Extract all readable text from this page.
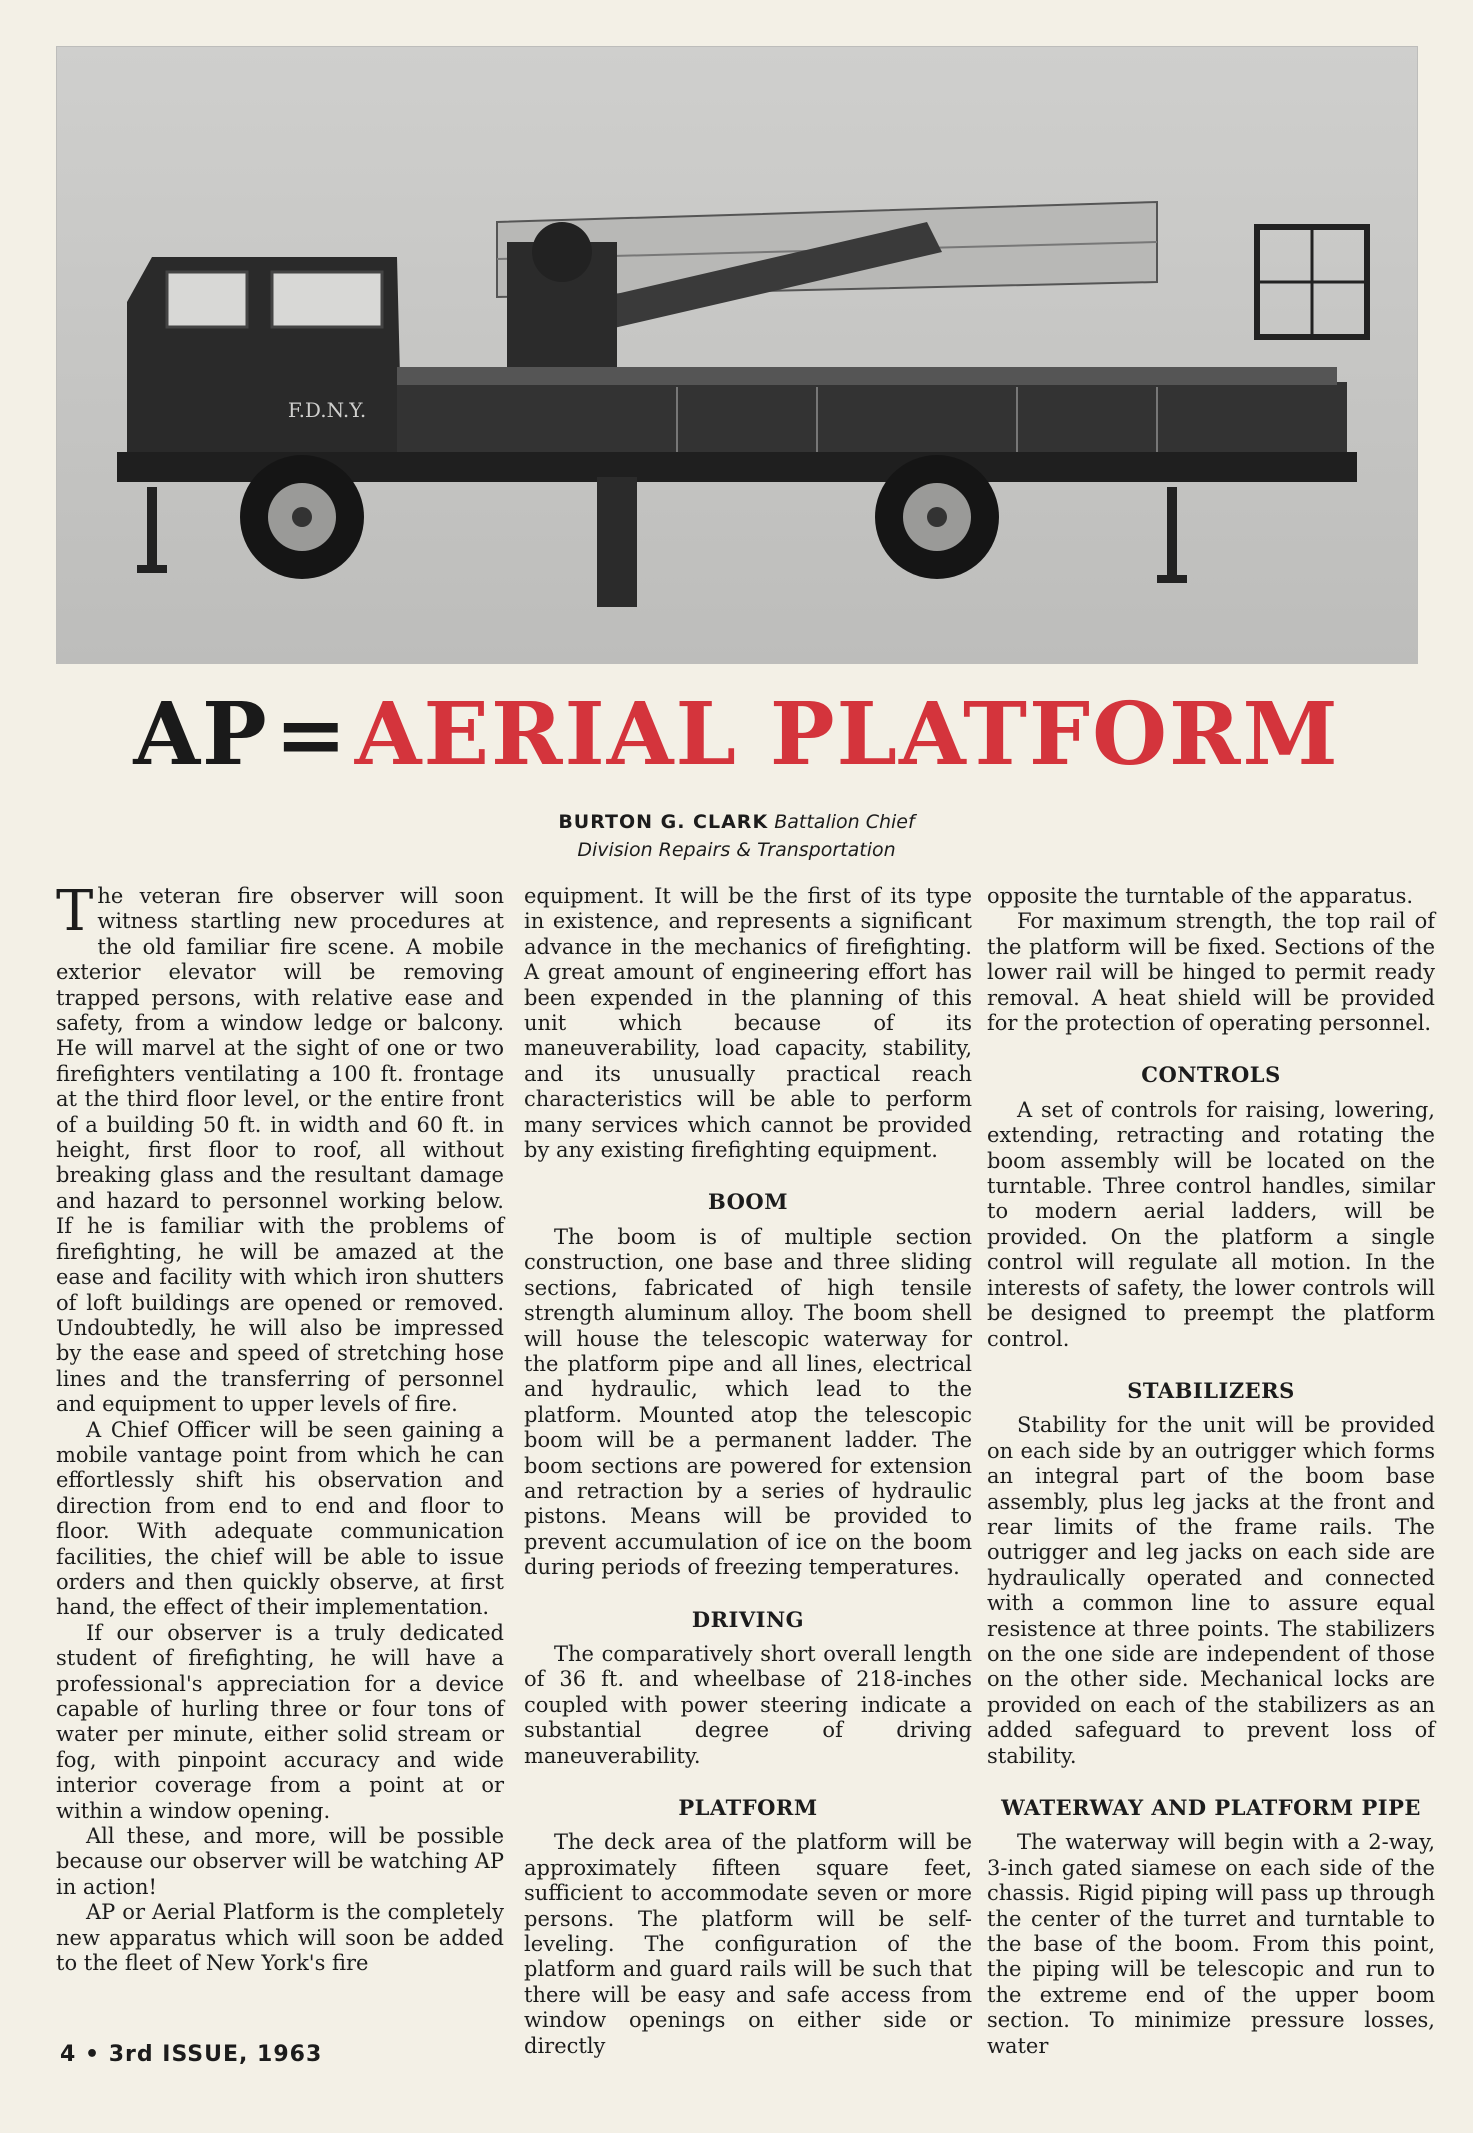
F.D.N.Y.
AP=AERIAL PLATFORM
BURTON G. CLARK Battalion Chief
Division Repairs & Transportation

The veteran fire observer will soon witness startling new procedures at the old familiar fire scene. A mobile exterior elevator will be removing trapped persons, with relative ease and safety, from a window ledge or balcony. He will marvel at the sight of one or two firefighters ventilating a 100 ft. frontage at the third floor level, or the entire front of a building 50 ft. in width and 60 ft. in height, first floor to roof, all without breaking glass and the resultant damage and hazard to personnel working below. If he is familiar with the problems of firefighting, he will be amazed at the ease and facility with which iron shutters of loft buildings are opened or removed. Undoubtedly, he will also be impressed by the ease and speed of stretching hose lines and the transferring of personnel and equipment to upper levels of fire.

A Chief Officer will be seen gaining a mobile vantage point from which he can effortlessly shift his observation and direction from end to end and floor to floor. With adequate communication facilities, the chief will be able to issue orders and then quickly observe, at first hand, the effect of their implementation.

If our observer is a truly dedicated student of firefighting, he will have a professional's appreciation for a device capable of hurling three or four tons of water per minute, either solid stream or fog, with pinpoint accuracy and wide interior coverage from a point at or within a window opening.

All these, and more, will be possible because our observer will be watching AP in action!

AP or Aerial Platform is the completely new apparatus which will soon be added to the fleet of New York's fire

equipment. It will be the first of its type in existence, and represents a significant advance in the mechanics of firefighting. A great amount of engineering effort has been expended in the planning of this unit which because of its maneuverability, load capacity, stability, and its unusually practical reach characteristics will be able to perform many services which cannot be provided by any existing firefighting equipment.

BOOM

The boom is of multiple section construction, one base and three sliding sections, fabricated of high tensile strength aluminum alloy. The boom shell will house the telescopic waterway for the platform pipe and all lines, electrical and hydraulic, which lead to the platform. Mounted atop the telescopic boom will be a permanent ladder. The boom sections are powered for extension and retraction by a series of hydraulic pistons. Means will be provided to prevent accumulation of ice on the boom during periods of freezing temperatures.

DRIVING

The comparatively short overall length of 36 ft. and wheelbase of 218-inches coupled with power steering indicate a substantial degree of driving maneuverability.

PLATFORM

The deck area of the platform will be approximately fifteen square feet, sufficient to accommodate seven or more persons. The platform will be self-leveling. The configuration of the platform and guard rails will be such that there will be easy and safe access from window openings on either side or directly

opposite the turntable of the apparatus.

For maximum strength, the top rail of the platform will be fixed. Sections of the lower rail will be hinged to permit ready removal. A heat shield will be provided for the protection of operating personnel.

CONTROLS

A set of controls for raising, lowering, extending, retracting and rotating the boom assembly will be located on the turntable. Three control handles, similar to modern aerial ladders, will be provided. On the platform a single control will regulate all motion. In the interests of safety, the lower controls will be designed to preempt the platform control.

STABILIZERS

Stability for the unit will be provided on each side by an outrigger which forms an integral part of the boom base assembly, plus leg jacks at the front and rear limits of the frame rails. The outrigger and leg jacks on each side are hydraulically operated and connected with a common line to assure equal resistence at three points. The stabilizers on the one side are independent of those on the other side. Mechanical locks are provided on each of the stabilizers as an added safeguard to prevent loss of stability.

WATERWAY AND PLATFORM PIPE

The waterway will begin with a 2-way, 3-inch gated siamese on each side of the chassis. Rigid piping will pass up through the center of the turret and turntable to the base of the boom. From this point, the piping will be telescopic and run to the extreme end of the upper boom section. To minimize pressure losses, water

4 • 3rd ISSUE, 1963
